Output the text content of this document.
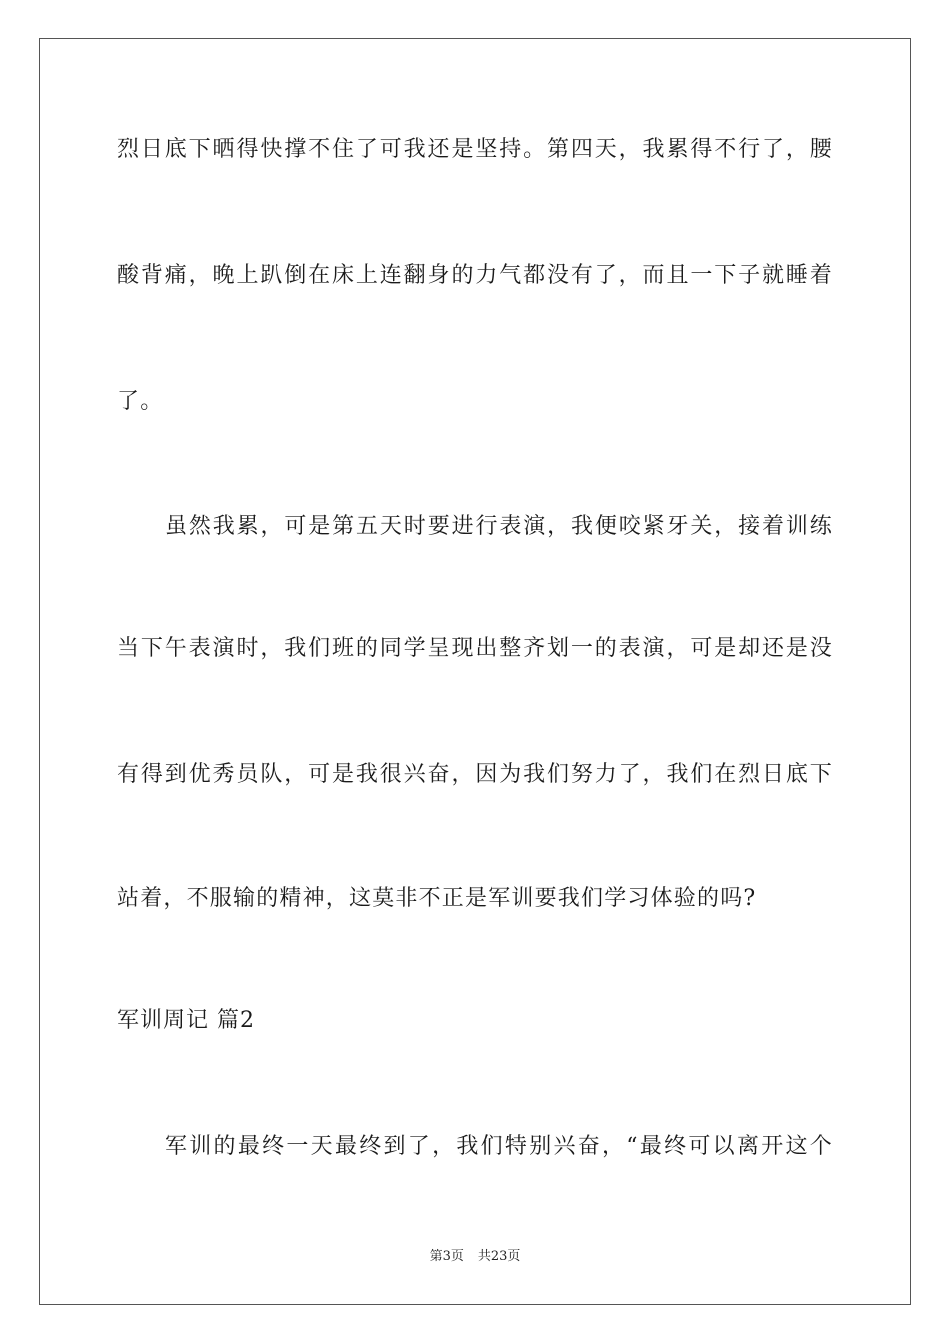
烈日底下晒得快撑不住了可我还是坚持。第四天，我累得不行了，腰
酸背痛，晚上趴倒在床上连翻身的力气都没有了，而且一下子就睡着
了。
虽然我累，可是第五天时要进行表演，我便咬紧牙关，接着训练
当下午表演时，我们班的同学呈现出整齐划一的表演，可是却还是没
有得到优秀员队，可是我很兴奋，因为我们努力了，我们在烈日底下
站着，不服输的精神，这莫非不正是军训要我们学习体验的吗?
军训周记 篇2
军训的最终一天最终到了，我们特别兴奋，“最终可以离开这个
第3页 共23页
